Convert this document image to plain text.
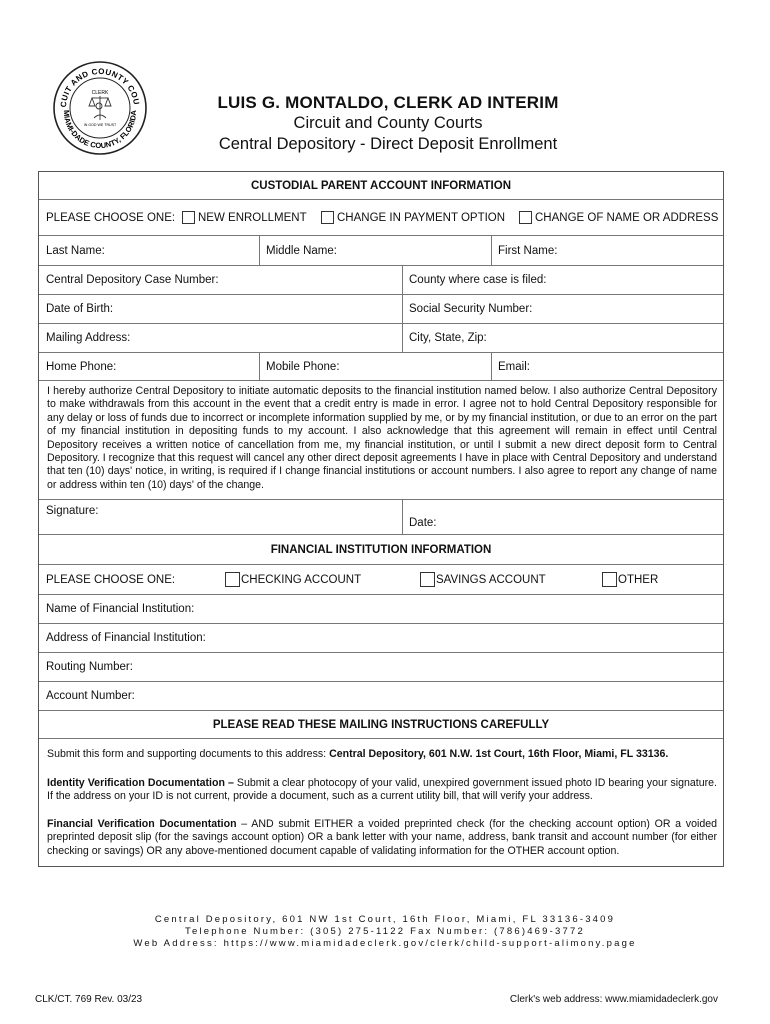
CUIT AND COUNTY COU
MIAMI-DADE COUNTY, FLORIDA
CLERK
IN GOD WE TRUST
LUIS G. MONTALDO, CLERK AD INTERIM
Circuit and County Courts
Central Depository - Direct Deposit Enrollment
CUSTODIAL PARENT ACCOUNT INFORMATION
PLEASE CHOOSE ONE: NEW ENROLLMENT	CHANGE IN PAYMENT OPTION	CHANGE OF NAME OR ADDRESS
Last Name:	Middle Name:	First Name:
Central Depository Case Number:	County where case is filed:
Date of Birth:	Social Security Number:
Mailing Address:	City, State, Zip:
Home Phone:	Mobile Phone:	Email:
I hereby authorize Central Depository to initiate automatic deposits to the financial institution named below. I also authorize Central Depository to make withdrawals from this account in the event that a credit entry is made in error. I agree not to hold Central Depository responsible for any delay or loss of funds due to incorrect or incomplete information supplied by me, or by my financial institution, or due to an error on the part of my financial institution in depositing funds to my account. I also acknowledge that this agreement will remain in effect until Central Depository receives a written notice of cancellation from me, my financial institution, or until I submit a new direct deposit form to Central Depository. I recognize that this request will cancel any other direct deposit agreements I have in place with Central Depository and understand that ten (10) days' notice, in writing, is required if I change financial institutions or account numbers. I also agree to report any change of name or address within ten (10) days' of the change.
Signature:
Date:
FINANCIAL INSTITUTION INFORMATION
PLEASE CHOOSE ONE:	CHECKING ACCOUNT	SAVINGS ACCOUNT	OTHER
Name of Financial Institution:
Address of Financial Institution:
Routing Number:
Account Number:
PLEASE READ THESE MAILING INSTRUCTIONS CAREFULLY
Submit this form and supporting documents to this address: Central Depository, 601 N.W. 1st Court, 16th Floor, Miami, FL 33136.
Identity Verification Documentation – Submit a clear photocopy of your valid, unexpired government issued photo ID bearing your signature. If the address on your ID is not current, provide a document, such as a current utility bill, that will verify your address.
Financial Verification Documentation – AND submit EITHER a voided preprinted check (for the checking account option) OR a voided preprinted deposit slip (for the savings account option) OR a bank letter with your name, address, bank transit and account number (for either checking or savings) OR any above-mentioned document capable of validating information for the OTHER account option.
Central Depository, 601 NW 1st Court, 16th Floor, Miami, FL 33136-3409
Telephone Number: (305) 275-1122 Fax Number: (786)469-3772
Web Address: https://www.miamidadeclerk.gov/clerk/child-support-alimony.page
CLK/CT. 769 Rev. 03/23	Clerk's web address: www.miamidadeclerk.gov
